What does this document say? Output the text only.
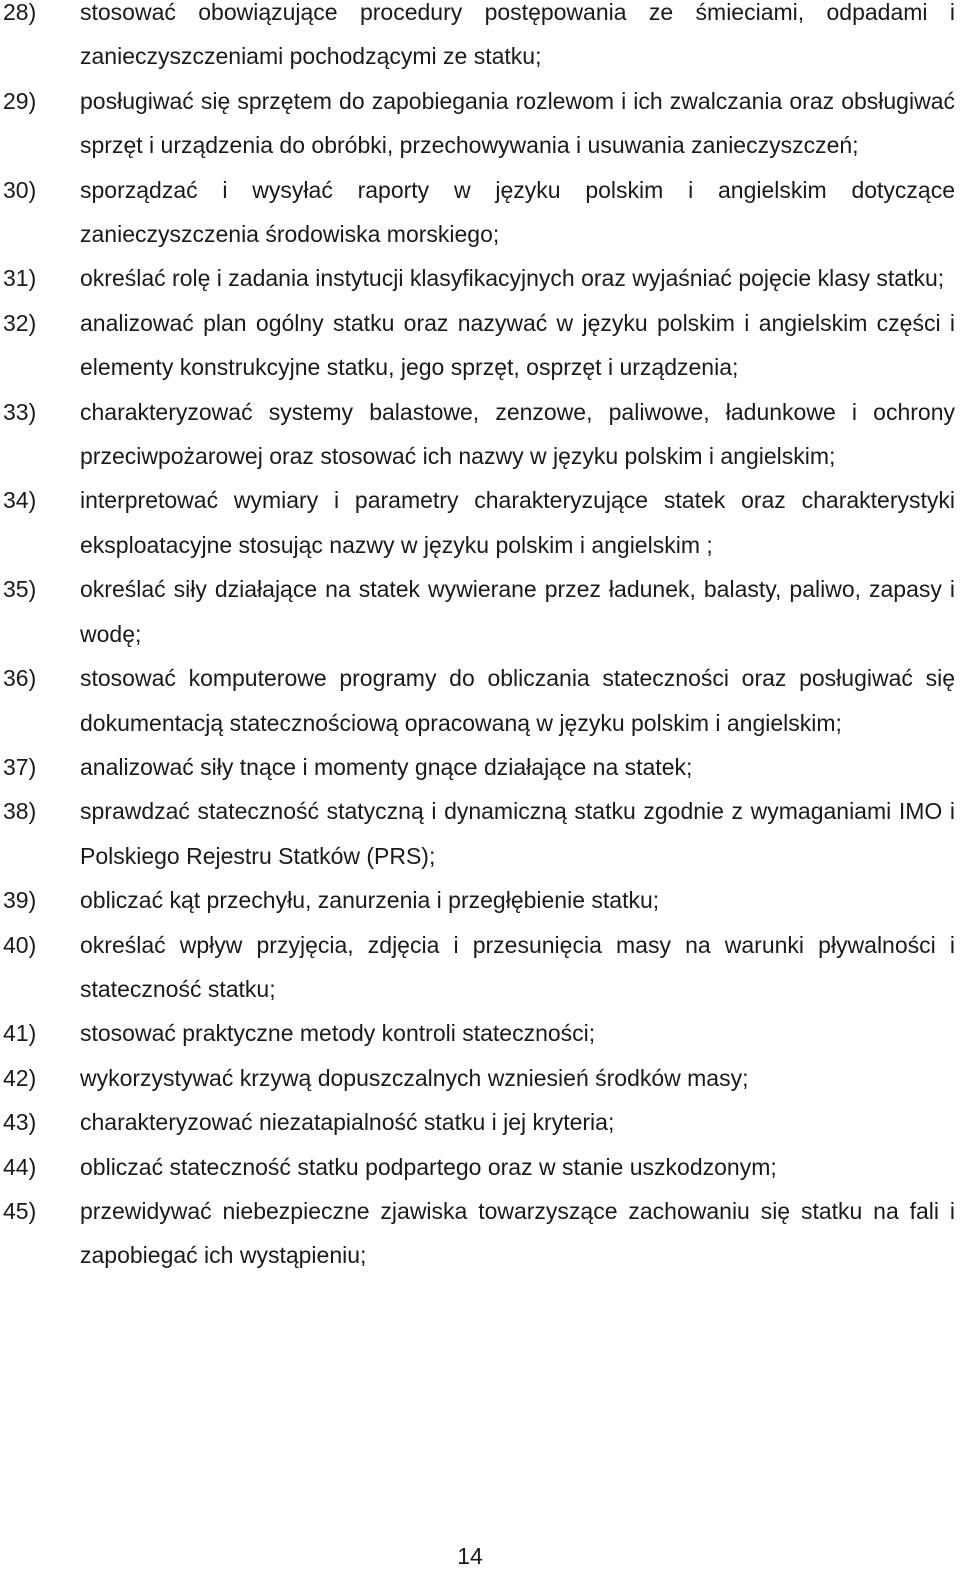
28) stosować obowiązujące procedury postępowania ze śmieciami, odpadami i zanieczyszczeniami pochodzącymi ze statku;
29) posługiwać się sprzętem do zapobiegania rozlewom i ich zwalczania oraz obsługiwać sprzęt i urządzenia do obróbki, przechowywania i usuwania zanieczyszczeń;
30) sporządzać i wysyłać raporty w języku polskim i angielskim dotyczące zanieczyszczenia środowiska morskiego;
31) określać rolę i zadania instytucji klasyfikacyjnych oraz wyjaśniać pojęcie klasy statku;
32) analizować plan ogólny statku oraz nazywać w języku polskim i angielskim części i elementy konstrukcyjne statku, jego sprzęt, osprzęt i urządzenia;
33) charakteryzować systemy balastowe, zenzowe, paliwowe, ładunkowe i ochrony przeciwpożarowej oraz stosować ich nazwy w języku polskim i angielskim;
34) interpretować wymiary i parametry charakteryzujące statek oraz charakterystyki eksploatacyjne stosując nazwy w języku polskim i angielskim ;
35) określać siły działające na statek wywierane przez ładunek, balasty, paliwo, zapasy i wodę;
36) stosować komputerowe programy do obliczania stateczności oraz posługiwać się dokumentacją statecznościową opracowaną w języku polskim i angielskim;
37) analizować siły tnące i momenty gnące działające na statek;
38) sprawdzać stateczność statyczną i dynamiczną statku zgodnie z wymaganiami IMO i Polskiego Rejestru Statków (PRS);
39) obliczać kąt przechyłu, zanurzenia i przegłębienie statku;
40) określać wpływ przyjęcia, zdjęcia i przesunięcia masy na warunki pływalności i stateczność statku;
41) stosować praktyczne metody kontroli stateczności;
42) wykorzystywać krzywą dopuszczalnych wzniesień środków masy;
43) charakteryzować niezatapialność statku i jej kryteria;
44) obliczać stateczność statku podpartego oraz w stanie uszkodzonym;
45) przewidywać niebezpieczne zjawiska towarzyszące zachowaniu się statku na fali i zapobiegać ich wystąpieniu;
14
